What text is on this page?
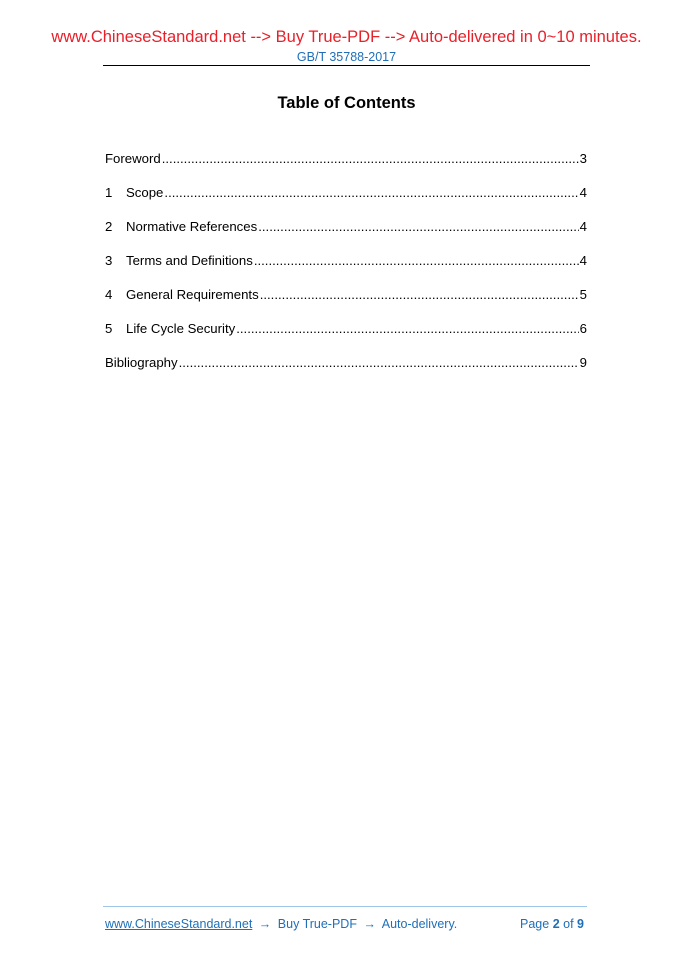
www.ChineseStandard.net --> Buy True-PDF --> Auto-delivered in 0~10 minutes.
GB/T 35788-2017
Table of Contents
Foreword .....	3
1	Scope .....	4
2	Normative References .....	4
3	Terms and Definitions .....	4
4	General Requirements .....	5
5	Life Cycle Security .....	6
Bibliography .....	9
www.ChineseStandard.net → Buy True-PDF → Auto-delivery.	Page 2 of 9
